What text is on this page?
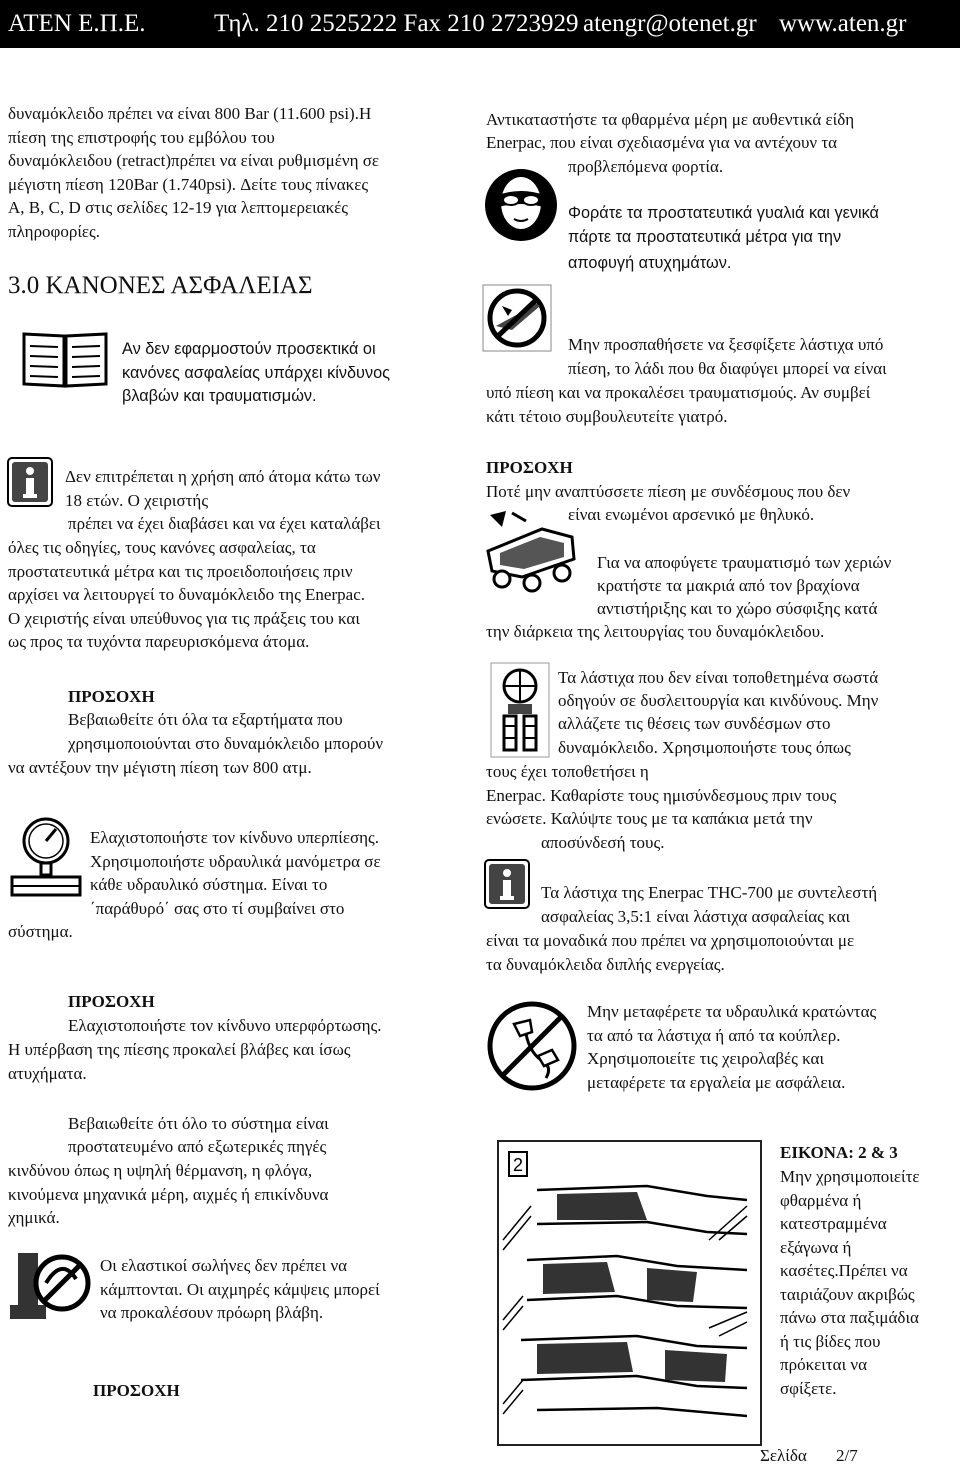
ATEN E.Π.E.	Τηλ. 210 2525222 Fax 210 2723929 atengr@otenet.gr www.aten.gr
δυναμόκλειδο πρέπει να είναι 800 Bar (11.600 psi).Η
πίεση της επιστροφής του εμβόλου του
δυναμόκλειδου (retract)πρέπει να είναι ρυθμισμένη σε
μέγιστη πίεση 120Bar (1.740psi). Δείτε τους πίνακες
A, B, C, D στις σελίδες 12-19 για λεπτομερειακές
πληροφορίες.
3.0 ΚΑΝΟΝΕΣ ΑΣΦΑΛΕΙΑΣ
Αν δεν εφαρμοστούν προσεκτικά οι
κανόνες ασφαλείας υπάρχει κίνδυνος
βλαβών και τραυματισμών.
Δεν επιτρέπεται η χρήση από άτομα κάτω των
18 ετών. Ο χειριστής
πρέπει να έχει διαβάσει και να έχει καταλάβει
όλες τις οδηγίες, τους κανόνες ασφαλείας, τα
προστατευτικά μέτρα και τις προειδοποιήσεις πριν
αρχίσει να λειτουργεί το δυναμόκλειδο της Enerpac.
Ο χειριστής είναι υπεύθυνος για τις πράξεις του και
ως προς τα τυχόντα παρευρισκόμενα άτομα.
ΠΡΟΣΟΧΗ
Βεβαιωθείτε ότι όλα τα εξαρτήματα που
χρησιμοποιούνται στο δυναμόκλειδο μπορούν
να αντέξουν την μέγιστη πίεση των 800 ατμ.
Ελαχιστοποιήστε τον κίνδυνο υπερπίεσης.
Χρησιμοποιήστε υδραυλικά μανόμετρα σε
κάθε υδραυλικό σύστημα. Είναι το
΄παράθυρό΄ σας στο τί συμβαίνει στο
σύστημα.
ΠΡΟΣΟΧΗ
Ελαχιστοποιήστε τον κίνδυνο υπερφόρτωσης.
Η υπέρβαση της πίεσης προκαλεί βλάβες και ίσως
ατυχήματα.
Βεβαιωθείτε ότι όλο το σύστημα είναι
προστατευμένο από εξωτερικές πηγές
κινδύνου όπως η υψηλή θέρμανση, η φλόγα,
κινούμενα μηχανικά μέρη, αιχμές ή επικίνδυνα
χημικά.
Οι ελαστικοί σωλήνες δεν πρέπει να
κάμπτονται. Οι αιχμηρές κάμψεις μπορεί
να προκαλέσουν πρόωρη βλάβη.
ΠΡΟΣΟΧΗ
Αντικαταστήστε τα φθαρμένα μέρη με αυθεντικά είδη
Enerpac, που είναι σχεδιασμένα για να αντέχουν τα
προβλεπόμενα φορτία.
Φοράτε τα προστατευτικά γυαλιά και γενικά
πάρτε τα προστατευτικά μέτρα για την
αποφυγή ατυχημάτων.
Μην προσπαθήσετε να ξεσφίξετε λάστιχα υπό
πίεση, το λάδι που θα διαφύγει μπορεί να είναι
υπό πίεση και να προκαλέσει τραυματισμούς. Αν συμβεί
κάτι τέτοιο συμβουλευτείτε γιατρό.
ΠΡΟΣΟΧΗ
Ποτέ μην αναπτύσσετε πίεση με συνδέσμους που δεν
είναι ενωμένοι αρσενικό με θηλυκό.
Για να αποφύγετε τραυματισμό των χεριών
κρατήστε τα μακριά από τον βραχίονα
αντιστήριξης και το χώρο σύσφιξης κατά
την διάρκεια της λειτουργίας του δυναμόκλειδου.
Τα λάστιχα που δεν είναι τοποθετημένα σωστά
οδηγούν σε δυσλειτουργία και κινδύνους. Μην
αλλάζετε τις θέσεις των συνδέσμων στο
δυναμόκλειδο. Χρησιμοποιήστε τους όπως
τους έχει τοποθετήσει η
Enerpac. Καθαρίστε τους ημισύνδεσμους πριν τους
ενώσετε. Καλύψτε τους με τα καπάκια μετά την
αποσύνδεσή τους.
Τα λάστιχα της Enerpac THC-700 με συντελεστή
ασφαλείας 3,5:1 είναι λάστιχα ασφαλείας και
είναι τα μοναδικά που πρέπει να χρησιμοποιούνται με
τα δυναμόκλειδα διπλής ενεργείας.
Μην μεταφέρετε τα υδραυλικά κρατώντας
τα από τα λάστιχα ή από τα κούπλερ.
Χρησιμοποιείτε τις χειρολαβές και
μεταφέρετε τα εργαλεία με ασφάλεια.
2
ΕΙΚΟΝΑ: 2 & 3
Μην χρησιμοποιείτε
φθαρμένα ή
κατεστραμμένα
εξάγωνα ή
κασέτες.Πρέπει να
ταιριάζουν ακριβώς
πάνω στα παξιμάδια
ή τις βίδες που
πρόκειται να
σφίξετε.
Σελίδα 2/7
